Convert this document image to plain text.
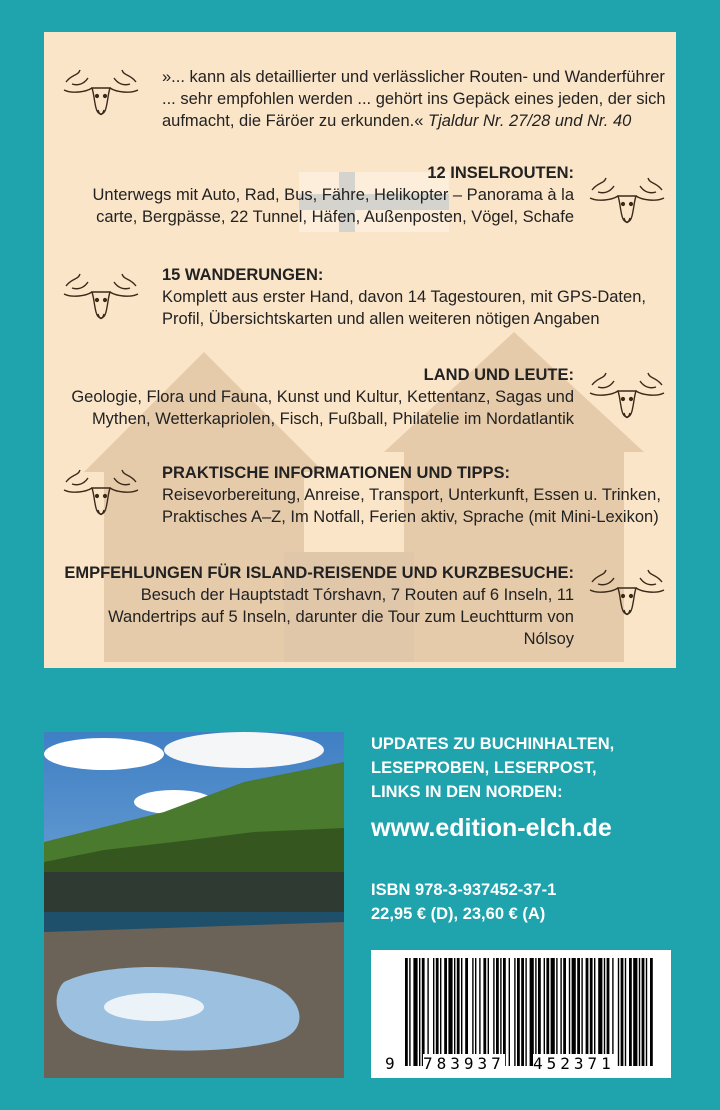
»... kann als detaillierter und verlässlicher Routen- und Wanderführer ... sehr empfohlen werden ... gehört ins Gepäck eines jeden, der sich aufmacht, die Färöer zu erkunden.« Tjaldur Nr. 27/28 und Nr. 40
12 INSELROUTEN:
Unterwegs mit Auto, Rad, Bus, Fähre, Helikopter – Panorama à la carte, Bergpässe, 22 Tunnel, Häfen, Außenposten, Vögel, Schafe
15 WANDERUNGEN:
Komplett aus erster Hand, davon 14 Tagestouren, mit GPS-Daten, Profil, Übersichtskarten und allen weiteren nötigen Angaben
LAND UND LEUTE:
Geologie, Flora und Fauna, Kunst und Kultur, Kettentanz, Sagas und Mythen, Wetterkapriolen, Fisch, Fußball, Philatelie im Nordatlantik
PRAKTISCHE INFORMATIONEN UND TIPPS:
Reisevorbereitung, Anreise, Transport, Unterkunft, Essen u. Trinken, Praktisches A–Z, Im Notfall, Ferien aktiv, Sprache (mit Mini-Lexikon)
EMPFEHLUNGEN FÜR ISLAND-REISENDE UND KURZBESUCHE:
Besuch der Hauptstadt Tórshavn, 7 Routen auf 6 Inseln, 11 Wandertrips auf 5 Inseln, darunter die Tour zum Leuchtturm von Nólsoy
UPDATES ZU BUCHINHALTEN,
LESEPROBEN, LESERPOST,
LINKS IN DEN NORDEN:
www.edition-elch.de
ISBN 978-3-937452-37-1
22,95 € (D), 23,60 € (A)
9 783937 452371
